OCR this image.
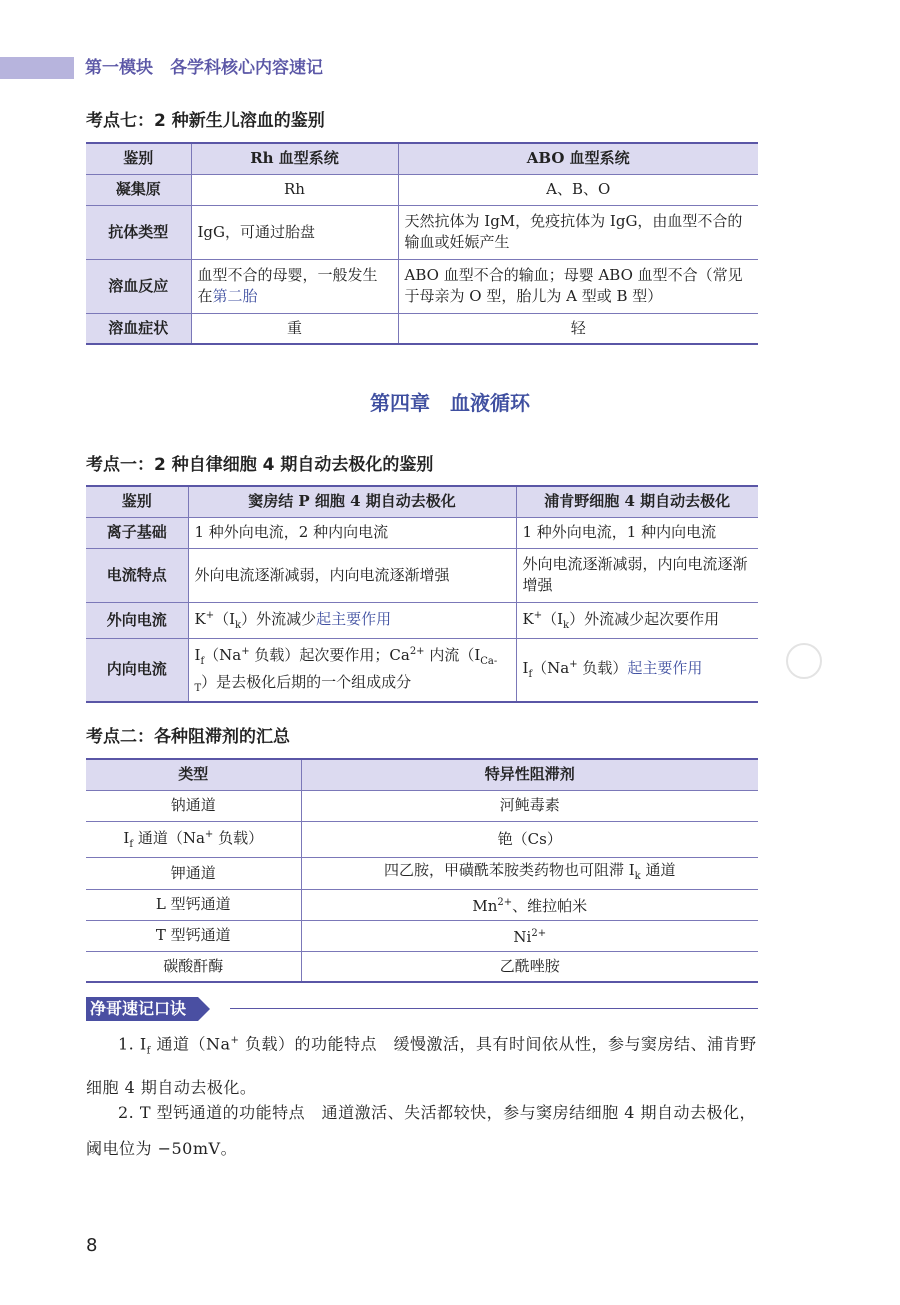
第一模块　各学科核心内容速记
考点七：2 种新生儿溶血的鉴别
鉴别	Rh 血型系统	ABO 血型系统
凝集原	Rh	A、B、O
抗体类型	IgG，可通过胎盘	天然抗体为 IgM，免疫抗体为 IgG，由血型不合的输血或妊娠产生
溶血反应	血型不合的母婴，一般发生在第二胎	ABO 血型不合的输血；母婴 ABO 血型不合（常见于母亲为 O 型，胎儿为 A 型或 B 型）
溶血症状	重	轻
第四章　血液循环
考点一：2 种自律细胞 4 期自动去极化的鉴别
鉴别	窦房结 P 细胞 4 期自动去极化	浦肯野细胞 4 期自动去极化
离子基础	1 种外向电流，2 种内向电流	1 种外向电流，1 种内向电流
电流特点	外向电流逐渐减弱，内向电流逐渐增强	外向电流逐渐减弱，内向电流逐渐增强
外向电流	$K^+(I_k)$外流减少起主要作用	$K^+(I_k)$外流减少起次要作用
内向电流	$I_f(Na^+$ 负载）起次要作用；$Ca^{2+}$ 内流$(I_{Ca-T})$是去极化后期的一个组成成分	$I_f(Na^+$ 负载）起主要作用
考点二：各种阻滞剂的汇总
类型	特异性阻滞剂
钠通道	河鲀毒素
$I_f$ 通道（Na+ 负载）	铯（Cs）
钾通道	四乙胺，甲磺酰苯胺类药物也可阻滞 $I_k$ 通道
L 型钙通道	$Mn^{2+}$、维拉帕米
T 型钙通道	$Ni^{2+}$
碳酸酐酶	乙酰唑胺
净哥速记口诀
1. $I_f$ 通道（Na+ 负载）的功能特点　缓慢激活，具有时间依从性，参与窦房结、浦肯野细胞 4 期自动去极化。
2. T 型钙通道的功能特点　通道激活、失活都较快，参与窦房结细胞 4 期自动去极化，阈电位为 −50mV。
8
